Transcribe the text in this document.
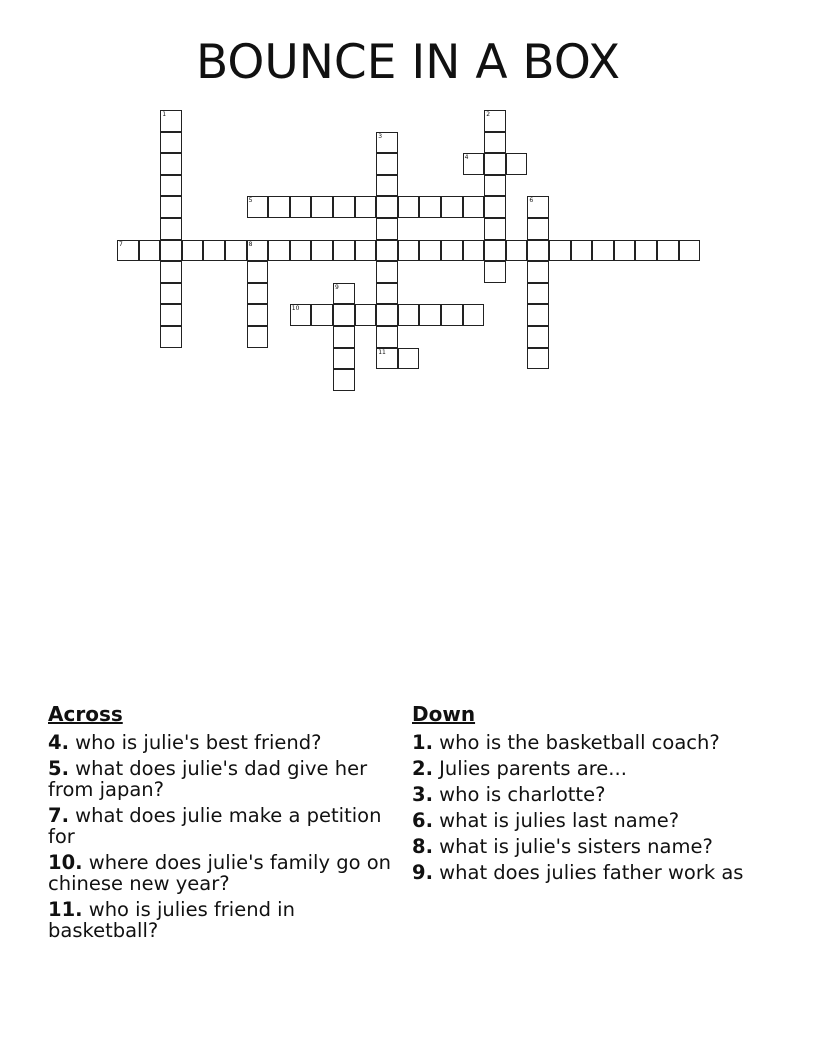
BOUNCE IN A BOX
1	2
3
11
4
5	6
7	8
9
10
Across
4. who is julie's best friend?
5. what does julie's dad give her from japan?
7. what does julie make a petition for
10. where does julie's family go on chinese new year?
11. who is julies friend in basketball?
Down
1. who is the basketball coach?
2. Julies parents are...
3. who is charlotte?
6. what is julies last name?
8. what is julie's sisters name?
9. what does julies father work as
